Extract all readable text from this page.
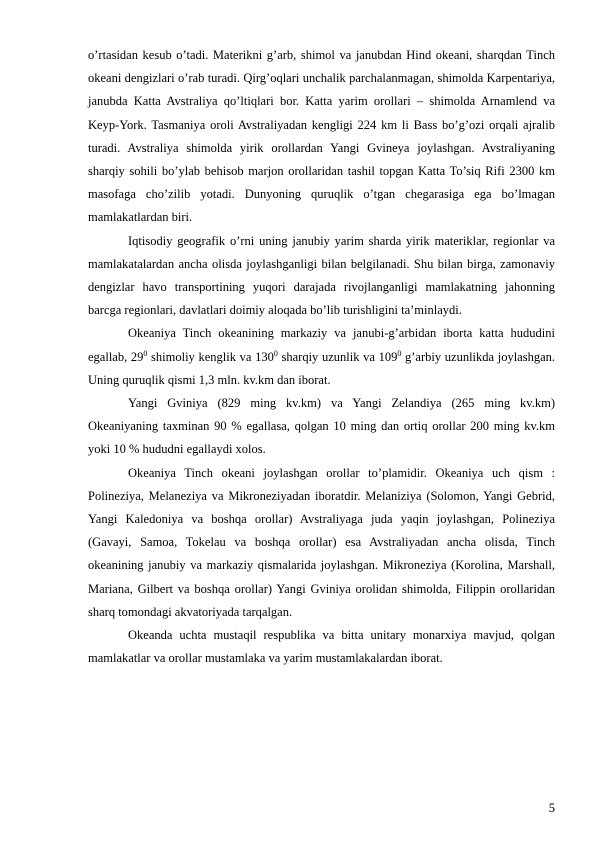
o’rtasidan kesub o’tadi. Materikni g’arb, shimol va janubdan Hind okeani, sharqdan Tinch okeani dengizlari o’rab turadi. Qirg’oqlari unchalik parchalanmagan, shimolda Karpentariya, janubda Katta Avstraliya qo’ltiqlari bor. Katta yarim orollari – shimolda Arnamlend va Keyp-York. Tasmaniya oroli Avstraliyadan kengligi 224 km li Bass bo’g’ozi orqali ajralib turadi. Avstraliya shimolda yirik orollardan Yangi Gvineya joylashgan. Avstraliyaning sharqiy sohili bo’ylab behisob marjon orollaridan tashil topgan Katta To’siq Rifi 2300 km masofaga cho’zilib yotadi. Dunyoning quruqlik o’tgan chegarasiga ega bo’lmagan mamlakatlardan biri.

Iqtisodiy geografik o’rni uning janubiy yarim sharda yirik materiklar, regionlar va mamlakatalardan ancha olisda joylashganligi bilan belgilanadi. Shu bilan birga, zamonaviy dengizlar havo transportining yuqori darajada rivojlanganligi mamlakatning jahonning barcga regionlari, davlatlari doimiy aloqada bo’lib turishligini ta’minlaydi.

Okeaniya Tinch okeanining markaziy va janubi-g’arbidan iborta katta hududini egallab, $29^0$ shimoliy kenglik va $130^0$ sharqiy uzunlik va $109^0$ g’arbiy uzunlikda joylashgan. Uning quruqlik qismi 1,3 mln. kv.km dan iborat.

Yangi Gviniya (829 ming kv.km) va Yangi Zelandiya (265 ming kv.km) Okeaniyaning taxminan 90 % egallasa, qolgan 10 ming dan ortiq orollar 200 ming kv.km yoki 10 % hududni egallaydi xolos.

Okeaniya Tinch okeani joylashgan orollar to’plamidir. Okeaniya uch qism : Polineziya, Melaneziya va Mikroneziyadan iboratdir. Melaniziya (Solomon, Yangi Gebrid, Yangi Kaledoniya va boshqa orollar) Avstraliyaga juda yaqin joylashgan, Polineziya (Gavayi, Samoa, Tokelau va boshqa orollar) esa Avstraliyadan ancha olisda, Tinch okeanining janubiy va markaziy qismalarida joylashgan. Mikroneziya (Korolina, Marshall, Mariana, Gilbert va boshqa orollar) Yangi Gviniya orolidan shimolda, Filippin orollaridan sharq tomondagi akvatoriyada tarqalgan.

Okeanda uchta mustaqil respublika va bitta unitary monarxiya mavjud, qolgan mamlakatlar va orollar mustamlaka va yarim mustamlakalardan iborat.

5
